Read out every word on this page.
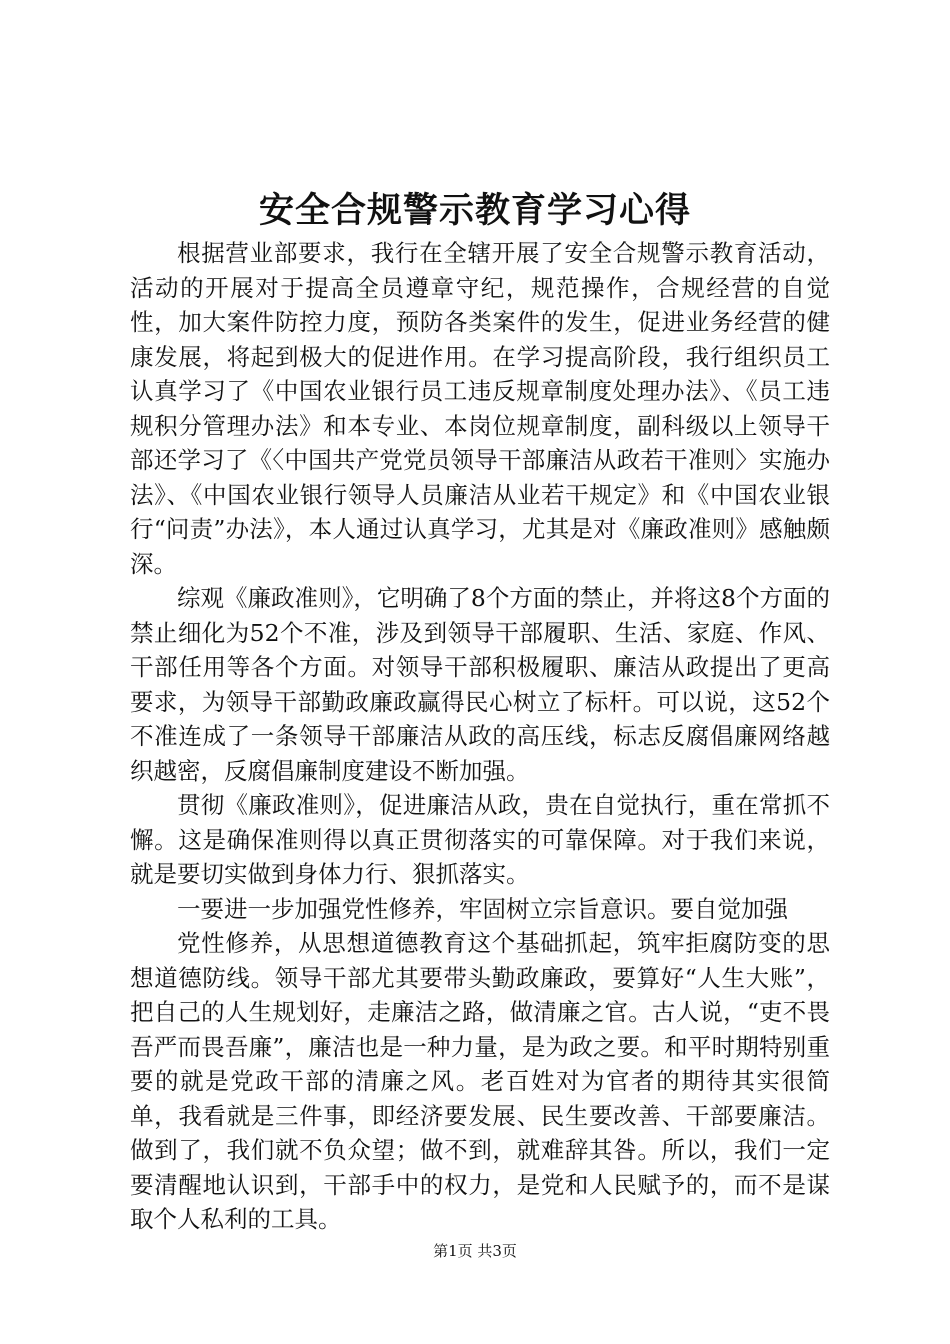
安全合规警示教育学习心得

根据营业部要求，我行在全辖开展了安全合规警示教育活动，活动的开展对于提高全员遵章守纪，规范操作，合规经营的自觉性，加大案件防控力度，预防各类案件的发生，促进业务经营的健康发展，将起到极大的促进作用。在学习提高阶段，我行组织员工认真学习了《中国农业银行员工违反规章制度处理办法》、《员工违规积分管理办法》和本专业、本岗位规章制度，副科级以上领导干部还学习了《〈中国共产党党员领导干部廉洁从政若干准则〉实施办法》、《中国农业银行领导人员廉洁从业若干规定》和《中国农业银行“问责”办法》，本人通过认真学习，尤其是对《廉政准则》感触颇深。

综观《廉政准则》，它明确了8个方面的禁止，并将这8个方面的禁止细化为52个不准，涉及到领导干部履职、生活、家庭、作风、干部任用等各个方面。对领导干部积极履职、廉洁从政提出了更高要求，为领导干部勤政廉政赢得民心树立了标杆。可以说，这52个不准连成了一条领导干部廉洁从政的高压线，标志反腐倡廉网络越织越密，反腐倡廉制度建设不断加强。

贯彻《廉政准则》，促进廉洁从政，贵在自觉执行，重在常抓不懈。这是确保准则得以真正贯彻落实的可靠保障。对于我们来说，就是要切实做到身体力行、狠抓落实。

一要进一步加强党性修养，牢固树立宗旨意识。要自觉加强

党性修养，从思想道德教育这个基础抓起，筑牢拒腐防变的思想道德防线。领导干部尤其要带头勤政廉政，要算好“人生大账”，把自己的人生规划好，走廉洁之路，做清廉之官。古人说，“吏不畏吾严而畏吾廉”，廉洁也是一种力量，是为政之要。和平时期特别重要的就是党政干部的清廉之风。老百姓对为官者的期待其实很简单，我看就是三件事，即经济要发展、民生要改善、干部要廉洁。做到了，我们就不负众望；做不到，就难辞其咎。所以，我们一定要清醒地认识到，干部手中的权力，是党和人民赋予的，而不是谋取个人私利的工具。

第1页 共3页
